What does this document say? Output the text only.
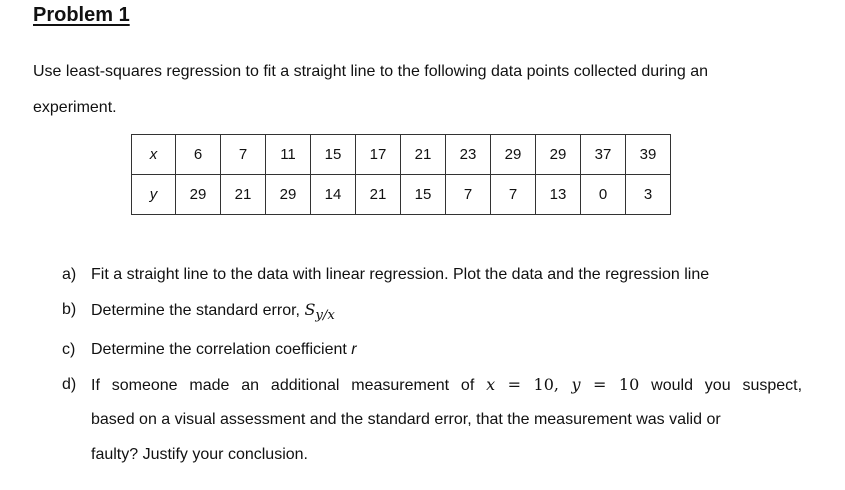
Problem 1
Use least-squares regression to fit a straight line to the following data points collected during an
experiment.
x	6	7	11	15	17	21	23	29	29	37	39
y	29	21	29	14	21	15	7	7	13	0	3
a) Fit a straight line to the data with linear regression. Plot the data and the regression line
b) Determine the standard error, $S_{y/x}$
c) Determine the correlation coefficient r
d) If someone made an additional measurement of x = 10, y = 10 would you suspect,
based on a visual assessment and the standard error, that the measurement was valid or
faulty? Justify your conclusion.
